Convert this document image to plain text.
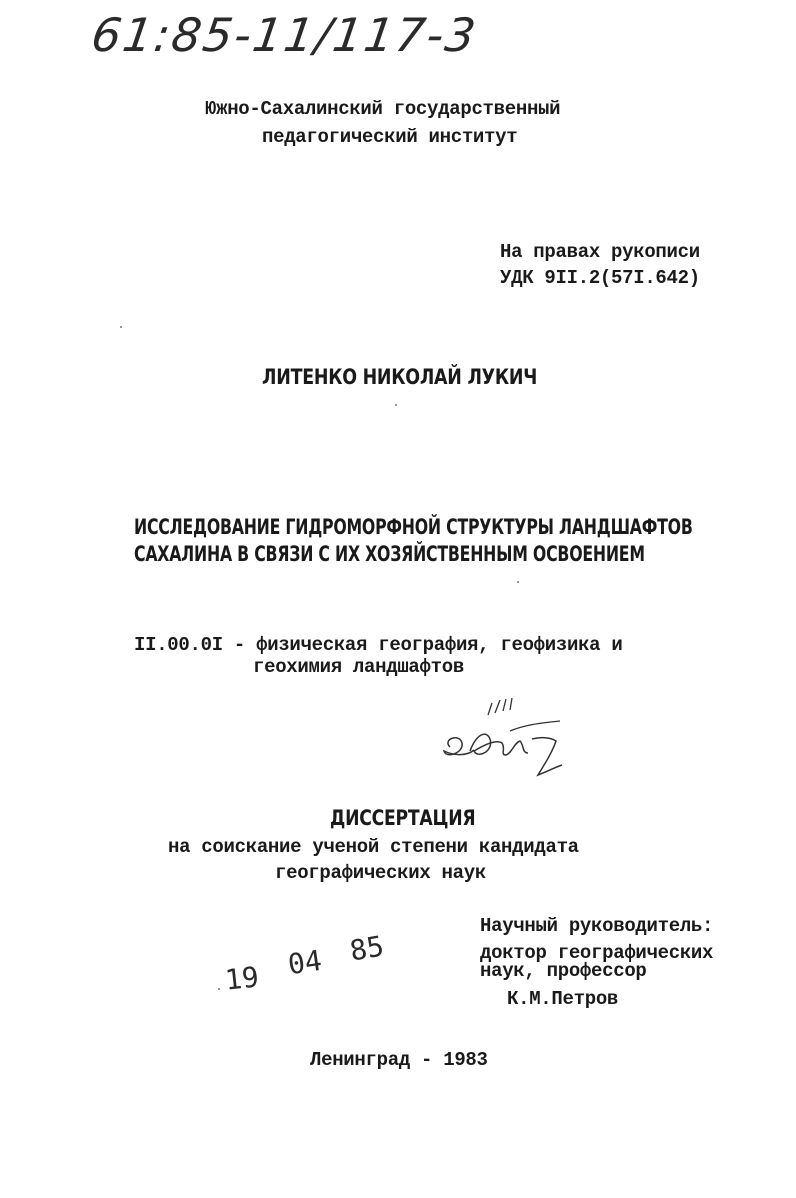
61:85-11/117-3
Южно-Сахалинский государственный
педагогический институт
На правах рукописи
УДК 9II.2(57I.642)
ЛИТЕНКО НИКОЛАЙ ЛУКИЧ
ИССЛЕДОВАНИЕ ГИДРОМОРФНОЙ СТРУКТУРЫ ЛАНДШАФТОВ
САХАЛИНА В СВЯЗИ С ИХ ХОЗЯЙСТВЕННЫМ ОСВОЕНИЕМ
II.00.0I - физическая география, геофизика и
геохимия ландшафтов
ДИССЕРТАЦИЯ
на соискание ученой степени кандидата
географических наук
Научный руководитель:
доктор географических
наук, профессор
К.М.Петров
19 04 85
Ленинград - 1983
